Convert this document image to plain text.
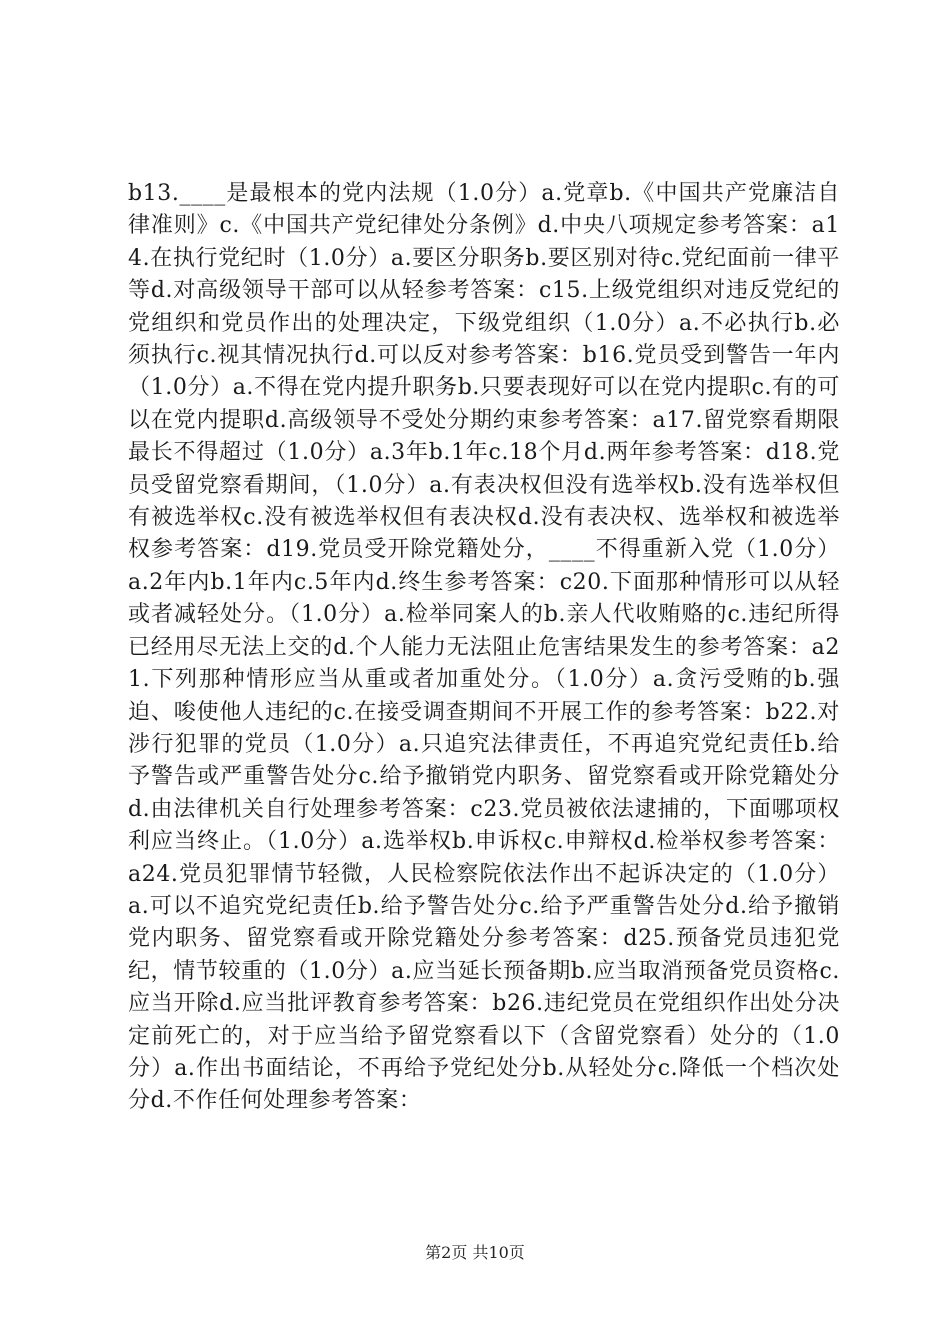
b13.____是最根本的党内法规（1.0分）a.党章b.《中国共产党廉洁自律准则》c.《中国共产党纪律处分条例》d.中央八项规定参考答案：a14.在执行党纪时（1.0分）a.要区分职务b.要区别对待c.党纪面前一律平等d.对高级领导干部可以从轻参考答案：c15.上级党组织对违反党纪的党组织和党员作出的处理决定，下级党组织（1.0分）a.不必执行b.必须执行c.视其情况执行d.可以反对参考答案：b16.党员受到警告一年内（1.0分）a.不得在党内提升职务b.只要表现好可以在党内提职c.有的可以在党内提职d.高级领导不受处分期约束参考答案：a17.留党察看期限最长不得超过（1.0分）a.3年b.1年c.18个月d.两年参考答案：d18.党员受留党察看期间，（1.0分）a.有表决权但没有选举权b.没有选举权但有被选举权c.没有被选举权但有表决权d.没有表决权、选举权和被选举权参考答案：d19.党员受开除党籍处分，____不得重新入党（1.0分）a.2年内b.1年内c.5年内d.终生参考答案：c20.下面那种情形可以从轻或者减轻处分。（1.0分）a.检举同案人的b.亲人代收贿赂的c.违纪所得已经用尽无法上交的d.个人能力无法阻止危害结果发生的参考答案：a21.下列那种情形应当从重或者加重处分。（1.0分）a.贪污受贿的b.强迫、唆使他人违纪的c.在接受调查期间不开展工作的参考答案：b22.对涉行犯罪的党员（1.0分）a.只追究法律责任，不再追究党纪责任b.给予警告或严重警告处分c.给予撤销党内职务、留党察看或开除党籍处分d.由法律机关自行处理参考答案：c23.党员被依法逮捕的，下面哪项权利应当终止。（1.0分）a.选举权b.申诉权c.申辩权d.检举权参考答案：a24.党员犯罪情节轻微，人民检察院依法作出不起诉决定的（1.0分）a.可以不追究党纪责任b.给予警告处分c.给予严重警告处分d.给予撤销党内职务、留党察看或开除党籍处分参考答案：d25.预备党员违犯党纪，情节较重的（1.0分）a.应当延长预备期b.应当取消预备党员资格c.应当开除d.应当批评教育参考答案：b26.违纪党员在党组织作出处分决定前死亡的，对于应当给予留党察看以下（含留党察看）处分的（1.0分）a.作出书面结论，不再给予党纪处分b.从轻处分c.降低一个档次处分d.不作任何处理参考答案：
第2页 共10页
